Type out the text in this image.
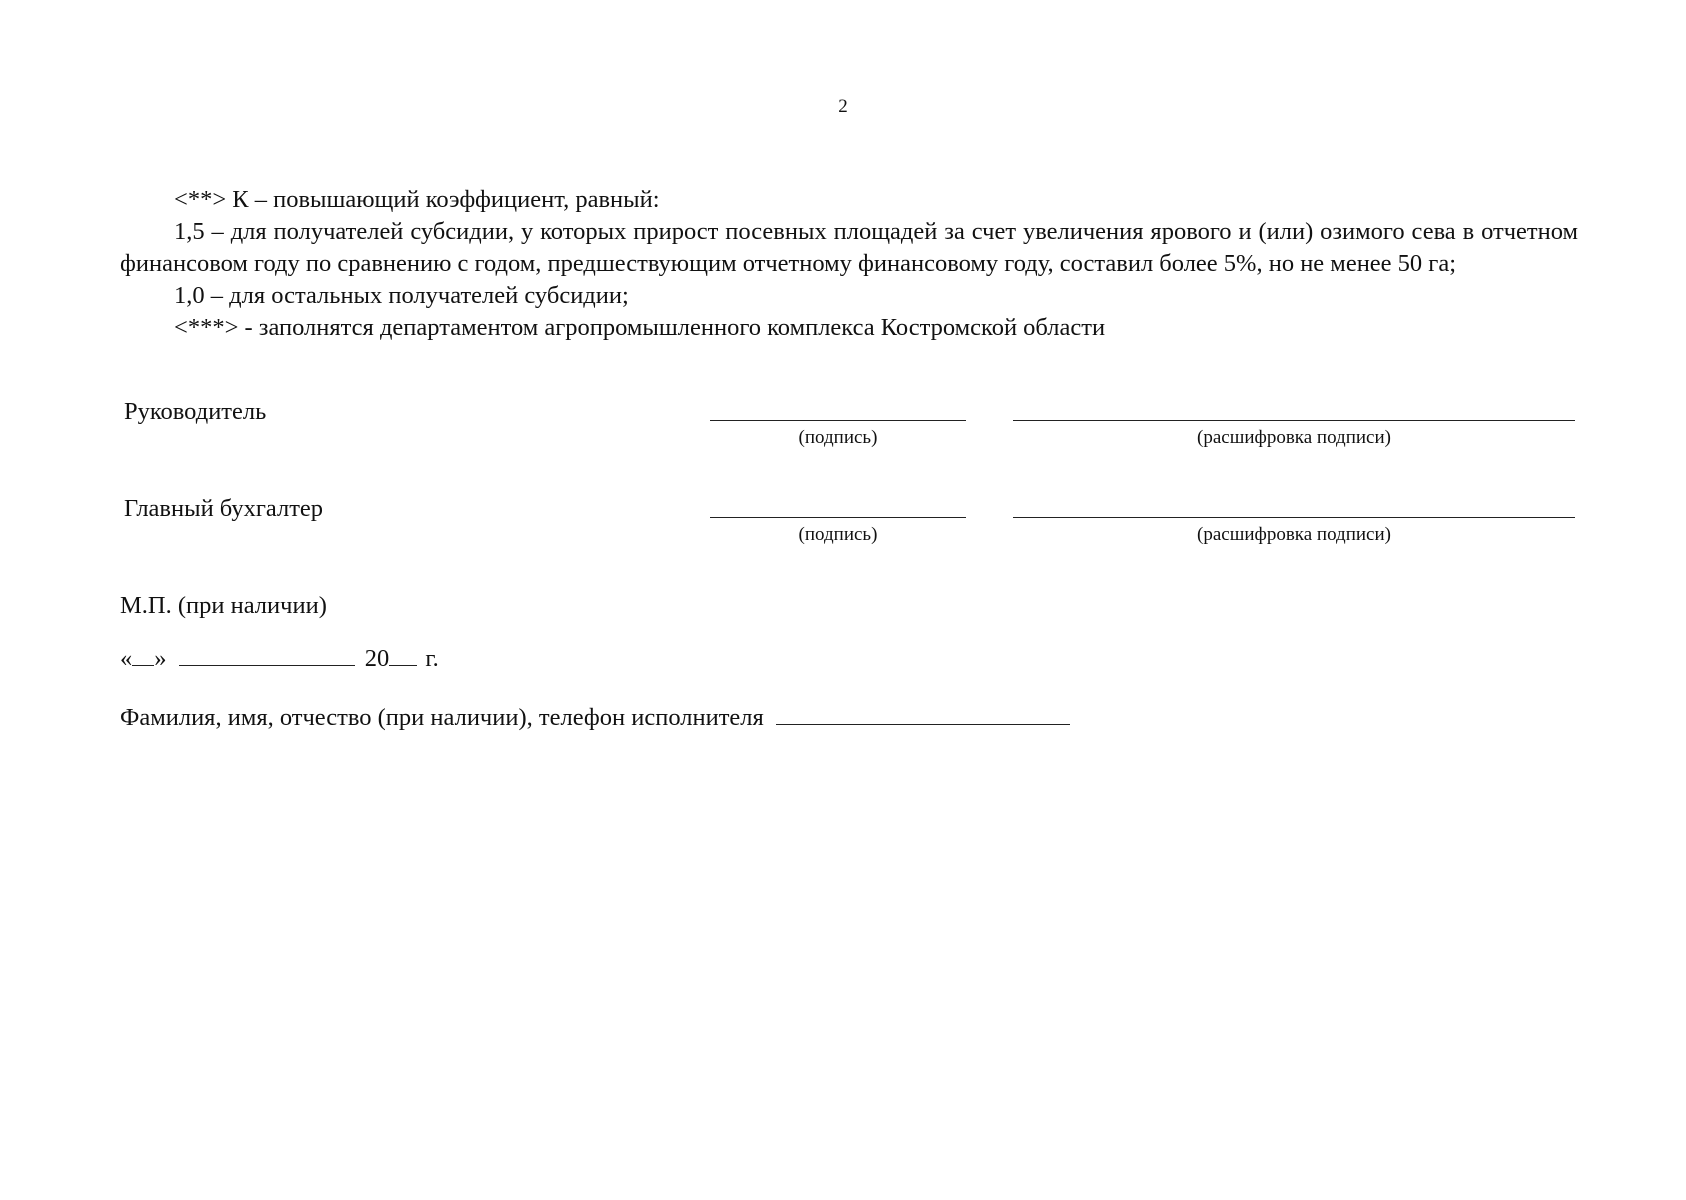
2

<**> К – повышающий коэффициент, равный:

1,5 – для получателей субсидии, у которых прирост посевных площадей за счет увеличения ярового и (или) озимого сева в отчетном финансовом году по сравнению с годом, предшествующим отчетному финансовому году, составил более 5%, но не менее 50 га;

1,0 – для остальных получателей субсидии;

<***> - заполнятся департаментом агропромышленного комплекса Костромской области

Руководитель
(подпись)	(расшифровка подписи)
Главный бухгалтер
(подпись)	(расшифровка подписи)
М.П. (при наличии)
« »	20 г.
Фамилия, имя, отчество (при наличии), телефон исполнителя
